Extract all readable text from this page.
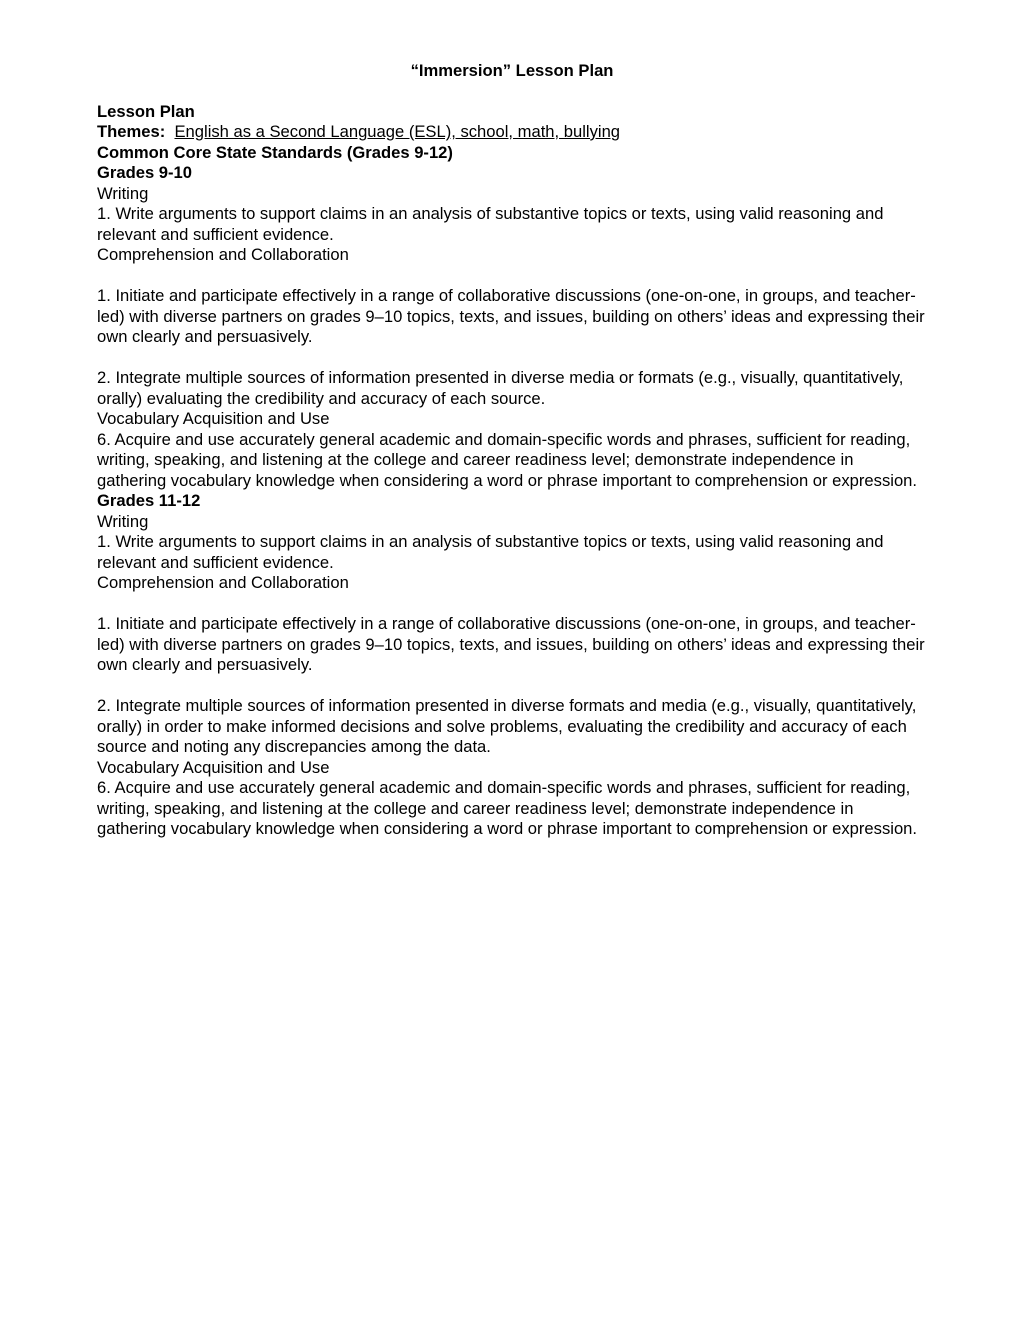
“Immersion” Lesson Plan
Lesson Plan
Themes: English as a Second Language (ESL), school, math, bullying
Common Core State Standards (Grades 9-12)
Grades 9-10
Writing

1. Write arguments to support claims in an analysis of substantive topics or texts, using valid reasoning and relevant and sufficient evidence.

Comprehension and Collaboration

1. Initiate and participate effectively in a range of collaborative discussions (one-on-one, in groups, and teacher-led) with diverse partners on grades 9–10 topics, texts, and issues, building on others’ ideas and expressing their own clearly and persuasively.

2. Integrate multiple sources of information presented in diverse media or formats (e.g., visually, quantitatively, orally) evaluating the credibility and accuracy of each source.

Vocabulary Acquisition and Use

6. Acquire and use accurately general academic and domain-specific words and phrases, sufficient for reading, writing, speaking, and listening at the college and career readiness level; demonstrate independence in gathering vocabulary knowledge when considering a word or phrase important to comprehension or expression.

Grades 11-12
Writing

1. Write arguments to support claims in an analysis of substantive topics or texts, using valid reasoning and relevant and sufficient evidence.

Comprehension and Collaboration

1. Initiate and participate effectively in a range of collaborative discussions (one-on-one, in groups, and teacher-led) with diverse partners on grades 9–10 topics, texts, and issues, building on others’ ideas and expressing their own clearly and persuasively.

2. Integrate multiple sources of information presented in diverse formats and media (e.g., visually, quantitatively, orally) in order to make informed decisions and solve problems, evaluating the credibility and accuracy of each source and noting any discrepancies among the data.

Vocabulary Acquisition and Use

6. Acquire and use accurately general academic and domain-specific words and phrases, sufficient for reading, writing, speaking, and listening at the college and career readiness level; demonstrate independence in gathering vocabulary knowledge when considering a word or phrase important to comprehension or expression.
